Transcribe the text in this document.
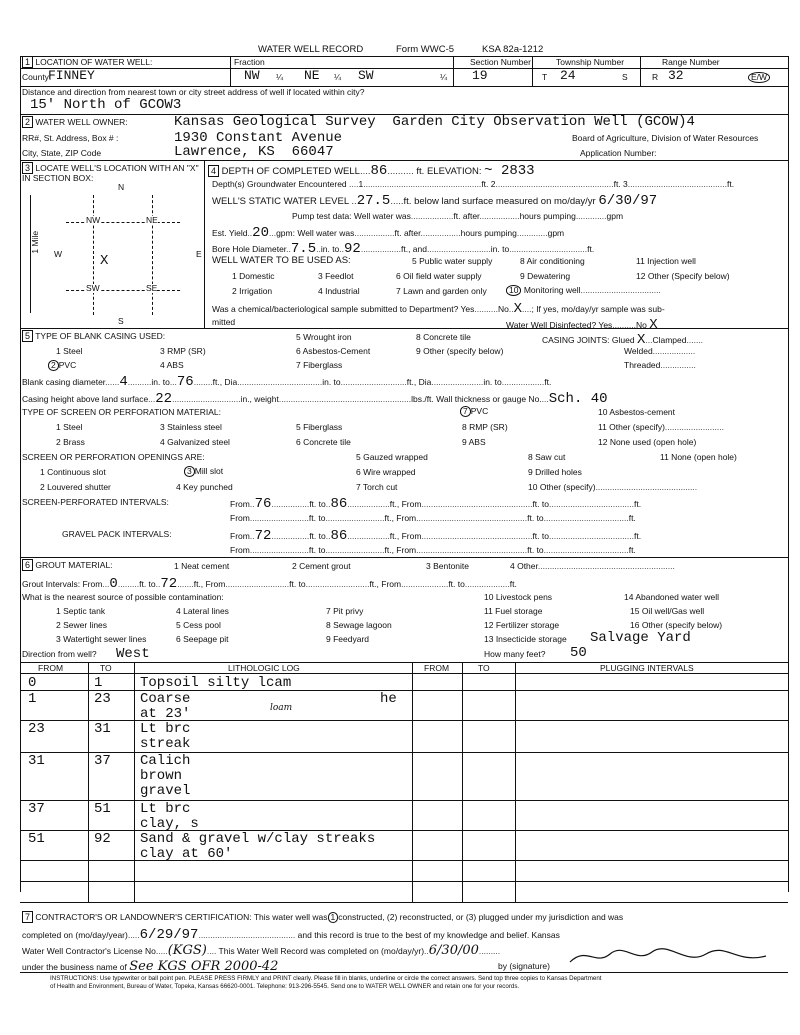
WATER WELL RECORD	Form WWC-5	KSA 82a-1212
1 LOCATION OF WATER WELL:	Fraction	Section Number	Township Number	Range Number
County:
FINNEY	NW ¼ NE ¼ SW	¼ 19	T 24	S	R 32	E/W
Distance and direction from nearest town or city street address of well if located within city?
15' North of GCOW3
2 WATER WELL OWNER:	Kansas Geological Survey  Garden City Observation Well (GCOW)4
RR#, St. Address, Box # :	1930 Constant Avenue	Board of Agriculture, Division of Water Resources
City, State, ZIP Code	Lawrence, KS  66047	Application Number:
3 LOCATE WELL'S LOCATION WITH AN "X" IN SECTION BOX:
N
S
W	E
1 Mile
NW	NE
SW	SE
X
4 DEPTH OF COMPLETED WELL....86.......... ft. ELEVATION: ~ 2833
Depth(s) Groundwater Encountered ....1..................................................ft. 2..................................................ft. 3..........................................ft.
WELL'S STATIC WATER LEVEL ..27.5.....ft. below land surface measured on mo/day/yr 6/30/97
Pump test data: Well water was..................ft. after.................hours pumping.............gpm
Est. Yield..20...gpm: Well water was.................ft. after.................hours pumping.............gpm
Bore Hole Diameter..7.5..in. to..92.................ft., and...........................in. to.................................ft.
WELL WATER TO BE USED AS:	5 Public water supply	8 Air conditioning	11 Injection well
1 Domestic	3 Feedlot	6 Oil field water supply	9 Dewatering	12 Other (Specify below)
2 Irrigation	4 Industrial	7 Lawn and garden only	10 Monitoring well..................................
Was a chemical/bacteriological sample submitted to Department? Yes..........No..X....; If yes, mo/day/yr sample was sub-
mitted	Water Well Disinfected? Yes..........No X
5 TYPE OF BLANK CASING USED:	5 Wrought iron	8 Concrete tile	CASING JOINTS: Glued X...Clamped.......
1 Steel	3 RMP (SR)	6 Asbestos-Cement	9 Other (specify below)	Welded..................
2 PVC	4 ABS	7 Fiberglass	Threaded...............
Blank casing diameter......4..........in. to...76........ft., Dia....................................in. to............................ft., Dia......................in. to..................ft.
Casing height above land surface...22.............................in., weight........................................................lbs./ft. Wall thickness or gauge No....Sch. 40
TYPE OF SCREEN OR PERFORATION MATERIAL:	7 PVC	10 Asbestos-cement
1 Steel	3 Stainless steel	5 Fiberglass	8 RMP (SR)	11 Other (specify).........................
2 Brass	4 Galvanized steel	6 Concrete tile	9 ABS	12 None used (open hole)
SCREEN OR PERFORATION OPENINGS ARE:	5 Gauzed wrapped	8 Saw cut	11 None (open hole)
1 Continuous slot	3 Mill slot	6 Wire wrapped	9 Drilled holes
2 Louvered shutter	4 Key punched	7 Torch cut	10 Other (specify)...........................................
SCREEN-PERFORATED INTERVALS:	From..76................ft. to..86..................ft., From...............................................ft. to....................................ft.
From.........................ft. to.........................ft., From...............................................ft. to....................................ft.
GRAVEL PACK INTERVALS:	From..72................ft. to..86..................ft., From...............................................ft. to....................................ft.
From.........................ft. to.........................ft., From...............................................ft. to....................................ft.
6 GROUT MATERIAL:	1 Neat cement	2 Cement grout	3 Bentonite	4 Other..........................................................
Grout Intervals: From...0.........ft. to..72.......ft., From...........................ft. to...........................ft., From....................ft. to...................ft.
What is the nearest source of possible contamination:	10 Livestock pens	14 Abandoned water well
1 Septic tank	4 Lateral lines	7 Pit privy	11 Fuel storage	15 Oil well/Gas well
2 Sewer lines	5 Cess pool	8 Sewage lagoon	12 Fertilizer storage	16 Other (specify below)
3 Watertight sewer lines	6 Seepage pit	9 Feedyard	13 Insecticide storage Salvage Yard
Direction from well? West	How many feet? 50
FROM	TO	LITHOLOGIC LOG	FROM	TO	PLUGGING INTERVALS
0	1	Topsoil silty lcam
1	23 Coarse
at 23'
he
loam
23	31 Lt brc
streak
31	37 Calich
brown
gravel
37	51 Lt brc
clay, s
51	92 Sand & gravel w/clay streaks
clay at 60'
7 CONTRACTOR'S OR LANDOWNER'S CERTIFICATION: This water well was 1 constructed, (2) reconstructed, or (3) plugged under my jurisdiction and was
completed on (mo/day/year).....6/29/97......................................... and this record is true to the best of my knowledge and belief. Kansas
Water Well Contractor's License No.....(KGS).... This Water Well Record was completed on (mo/day/yr)..6/30/00.........
under the business name of See KGS OFR 2000-42	by (signature)
INSTRUCTIONS: Use typewriter or ball point pen. PLEASE PRESS FIRMLY and PRINT clearly. Please fill in blanks, underline or circle the correct answers. Send top three copies to Kansas Department
of Health and Environment, Bureau of Water, Topeka, Kansas 66620-0001. Telephone: 913-296-5545. Send one to WATER WELL OWNER and retain one for your records.
